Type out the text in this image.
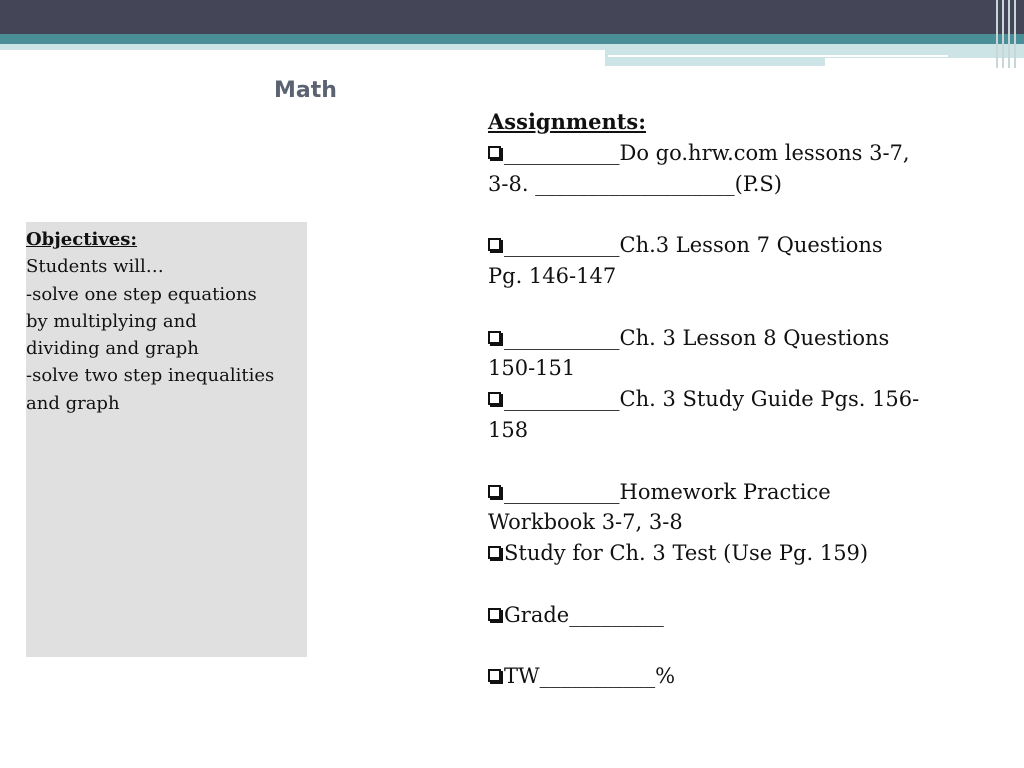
Math
Objectives:
Students will…
-solve one step equations
by multiplying and
dividing and graph
-solve two step inequalities
and graph
Assignments:
___________Do go.hrw.com lessons 3-7,
3-8. ___________________(P.S)
___________Ch.3 Lesson 7 Questions
Pg. 146-147
___________Ch. 3 Lesson 8 Questions
150-151
___________Ch. 3 Study Guide Pgs. 156-
158
___________Homework Practice
Workbook 3-7, 3-8
Study for Ch. 3 Test (Use Pg. 159)
Grade_________
TW___________%
